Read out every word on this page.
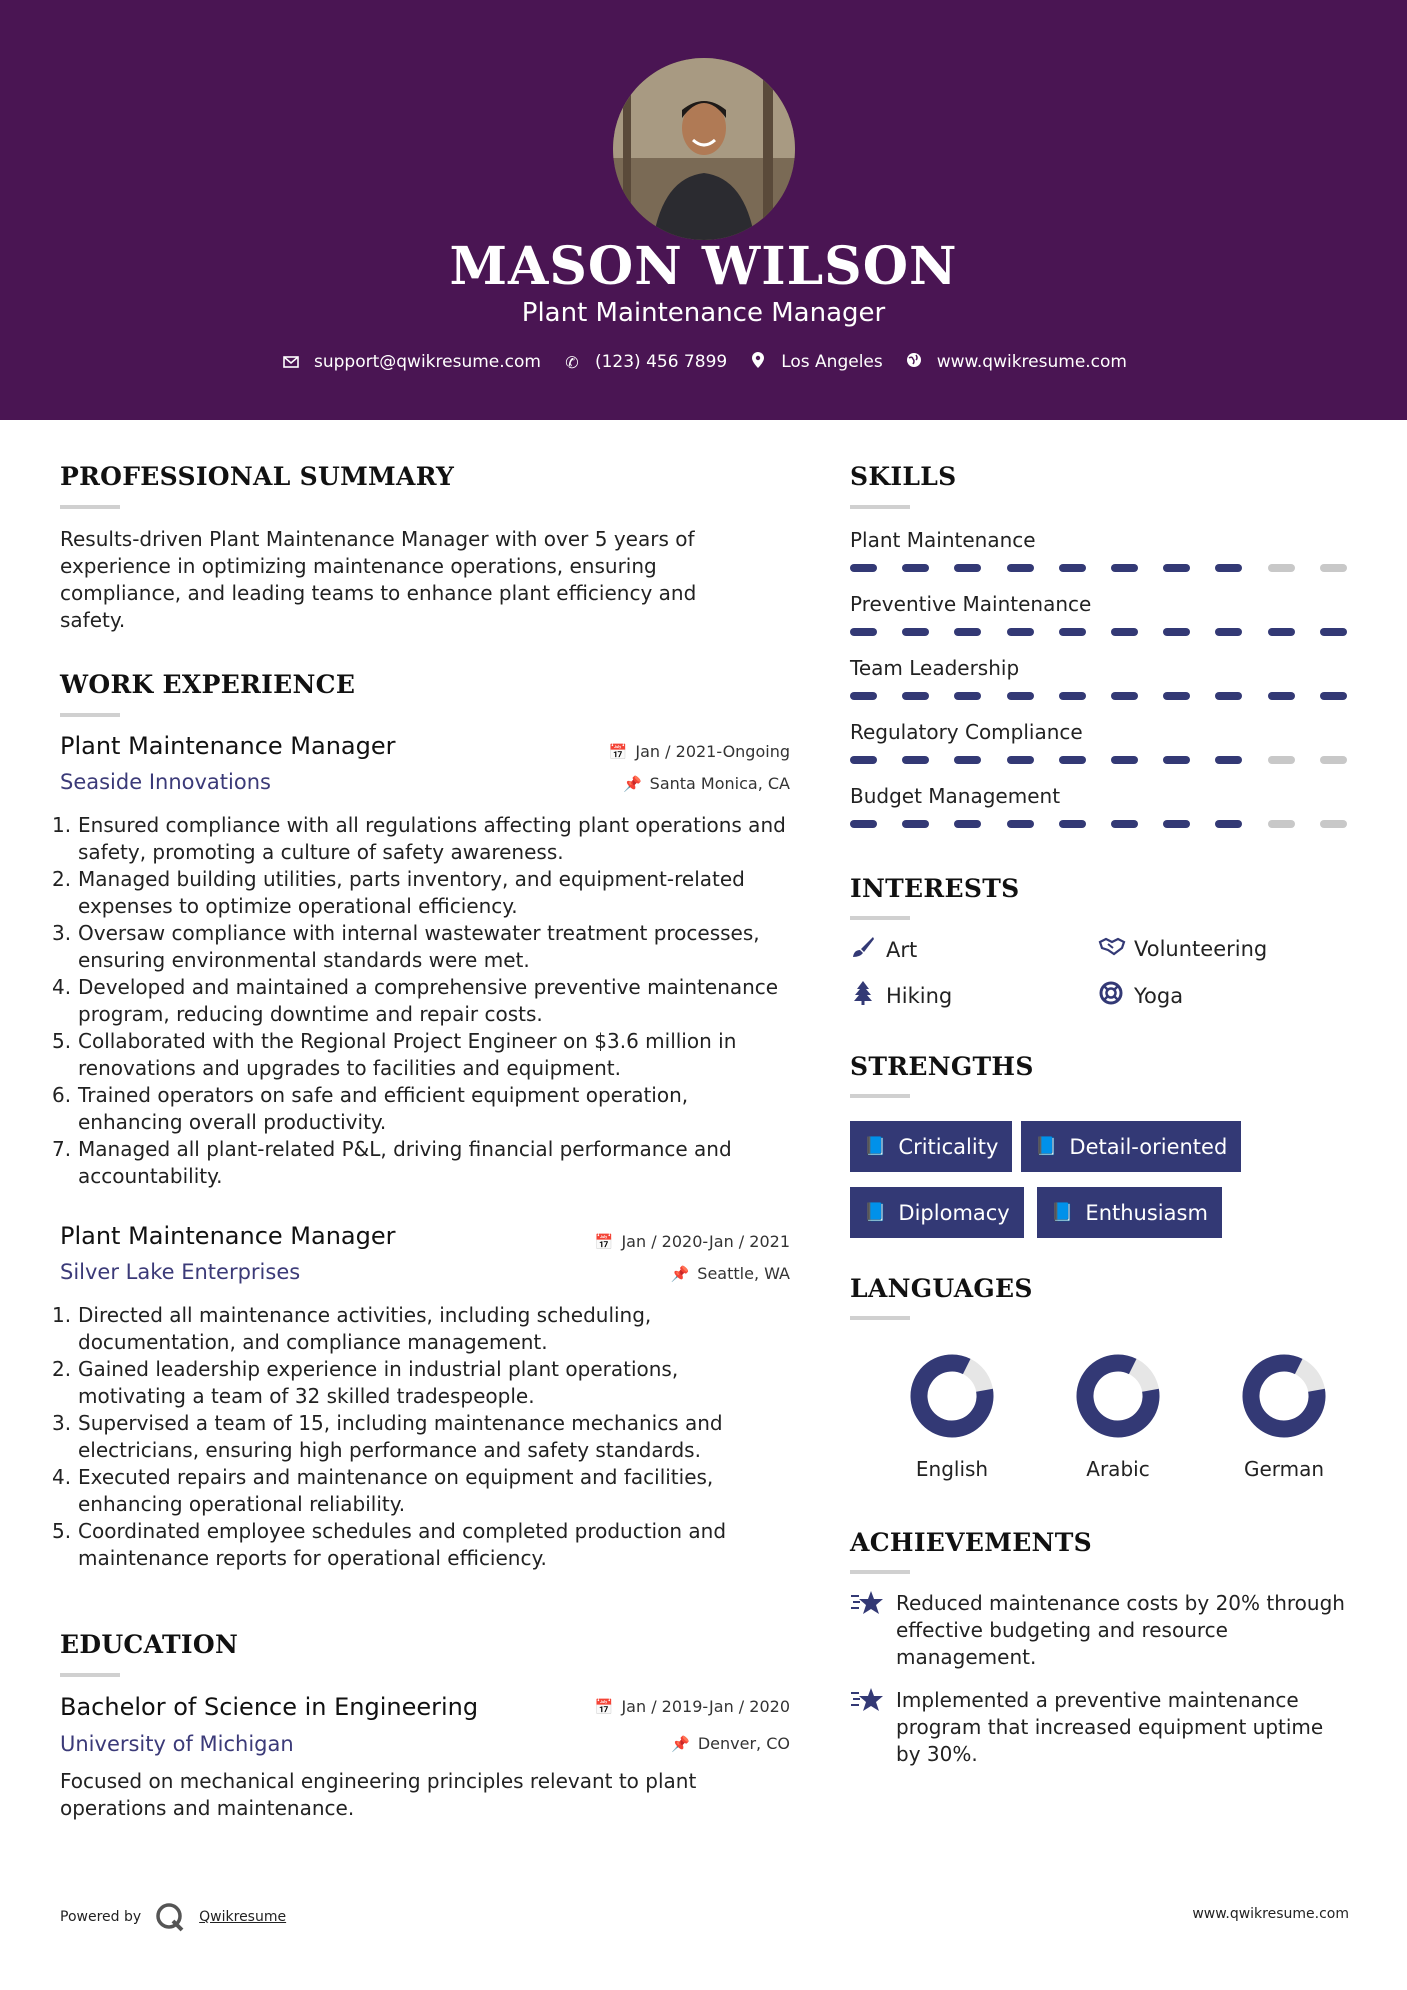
MASON WILSON
Plant Maintenance Manager
support@qwikresume.com ✆ (123) 456 7899	Los Angeles	www.qwikresume.com
PROFESSIONAL SUMMARY
Results-driven Plant Maintenance Manager with over 5 years of experience in optimizing maintenance operations, ensuring compliance, and leading teams to enhance plant efficiency and safety.
WORK EXPERIENCE
Plant Maintenance Manager	📅 Jan / 2021-Ongoing
Seaside Innovations	📌 Santa Monica, CA
1. Ensured compliance with all regulations affecting plant operations and safety, promoting a culture of safety awareness.
2. Managed building utilities, parts inventory, and equipment-related expenses to optimize operational efficiency.
3. Oversaw compliance with internal wastewater treatment processes, ensuring environmental standards were met.
4. Developed and maintained a comprehensive preventive maintenance program, reducing downtime and repair costs.
5. Collaborated with the Regional Project Engineer on $3.6 million in renovations and upgrades to facilities and equipment.
6. Trained operators on safe and efficient equipment operation, enhancing overall productivity.
7. Managed all plant-related P&L, driving financial performance and accountability.
Plant Maintenance Manager	📅 Jan / 2020-Jan / 2021
Silver Lake Enterprises	📌 Seattle, WA
1. Directed all maintenance activities, including scheduling, documentation, and compliance management.
2. Gained leadership experience in industrial plant operations, motivating a team of 32 skilled tradespeople.
3. Supervised a team of 15, including maintenance mechanics and electricians, ensuring high performance and safety standards.
4. Executed repairs and maintenance on equipment and facilities, enhancing operational reliability.
5. Coordinated employee schedules and completed production and maintenance reports for operational efficiency.
EDUCATION
Bachelor of Science in Engineering	📅 Jan / 2019-Jan / 2020
University of Michigan	📌 Denver, CO
Focused on mechanical engineering principles relevant to plant operations and maintenance.
SKILLS
Plant Maintenance
Preventive Maintenance
Team Leadership
Regulatory Compliance
Budget Management
INTERESTS
Art	Volunteering
Hiking	Yoga
STRENGTHS
📘 Criticality 📘 Detail-oriented
📘 Diplomacy 📘 Enthusiasm
LANGUAGES
English	Arabic	German
ACHIEVEMENTS
Reduced maintenance costs by 20% through effective budgeting and resource management.
Implemented a preventive maintenance program that increased equipment uptime by 30%.
Powered by	Qwikresume	www.qwikresume.com
